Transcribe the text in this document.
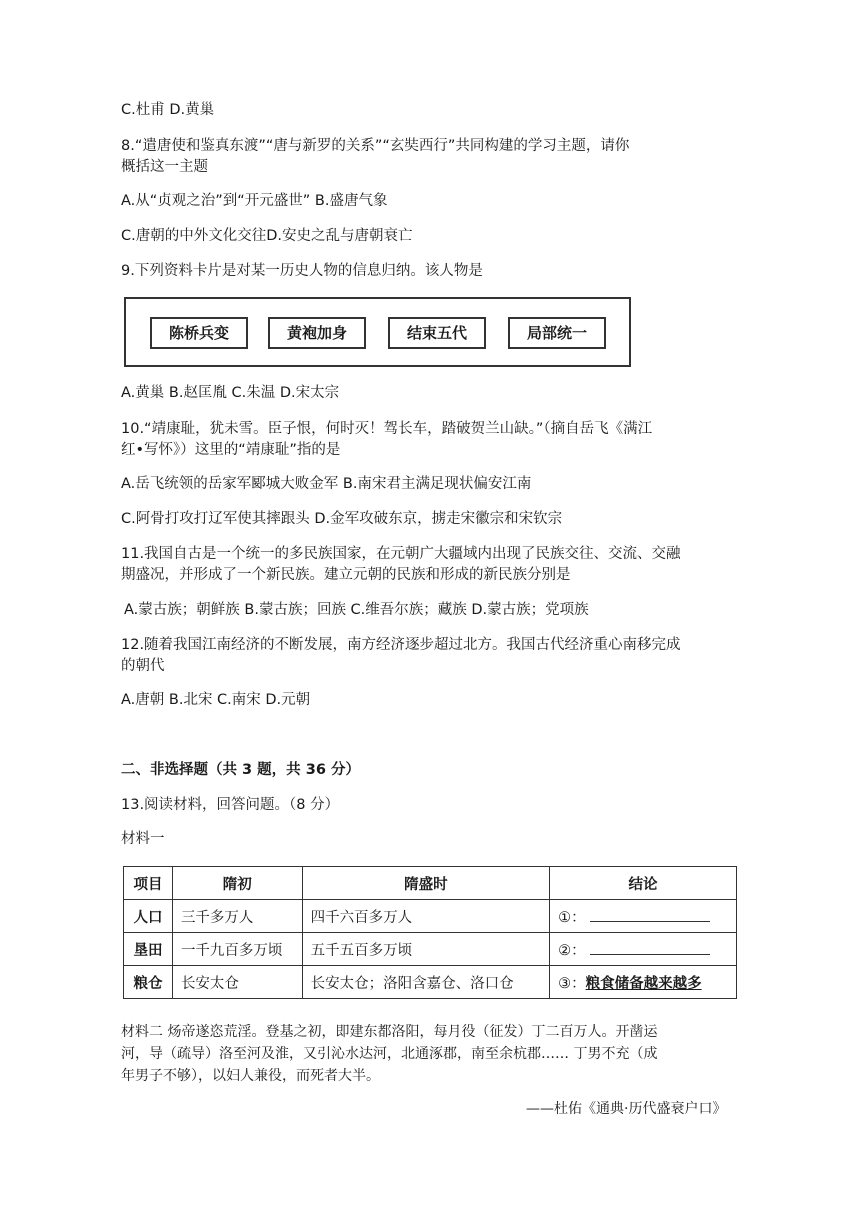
C.杜甫 D.黄巢
8.“遣唐使和鉴真东渡”“唐与新罗的关系”“玄奘西行”共同构建的学习主题，请你
概括这一主题
A.从“贞观之治”到“开元盛世” B.盛唐气象
C.唐朝的中外文化交往D.安史之乱与唐朝衰亡
9.下列资料卡片是对某一历史人物的信息归纳。该人物是
陈桥兵变	黄袍加身	结束五代	局部统一
A.黄巢 B.赵匡胤 C.朱温 D.宋太宗
10.“靖康耻，犹未雪。臣子恨，何时灭！驾长车，踏破贺兰山缺。”（摘自岳飞《满江
红•写怀》）这里的“靖康耻”指的是
A.岳飞统领的岳家军郾城大败金军 B.南宋君主满足现状偏安江南
C.阿骨打攻打辽军使其摔跟头 D.金军攻破东京，掳走宋徽宗和宋钦宗
11.我国自古是一个统一的多民族国家，在元朝广大疆域内出现了民族交往、交流、交融
期盛况，并形成了一个新民族。建立元朝的民族和形成的新民族分别是
A.蒙古族；朝鲜族 B.蒙古族；回族 C.维吾尔族；藏族 D.蒙古族；党项族
12.随着我国江南经济的不断发展，南方经济逐步超过北方。我国古代经济重心南移完成
的朝代
A.唐朝 B.北宋 C.南宋 D.元朝
二、非选择题（共 3 题，共 36 分）
13.阅读材料，回答问题。（8 分）
材料一
项目	隋初	隋盛时	结论
人口	三千多万人	四千六百多万人	①：
垦田	一千九百多万顷	五千五百多万顷	②：
粮仓	长安太仓	长安太仓；洛阳含嘉仓、洛口仓	③：粮食储备越来越多
材料二 炀帝遂恣荒淫。登基之初，即建东都洛阳，每月役（征发）丁二百万人。开凿运
河，导（疏导）洛至河及淮，又引沁水达河，北通涿郡，南至余杭郡…… 丁男不充（成
年男子不够），以妇人兼役，而死者大半。
——杜佑《通典·历代盛衰户口》
